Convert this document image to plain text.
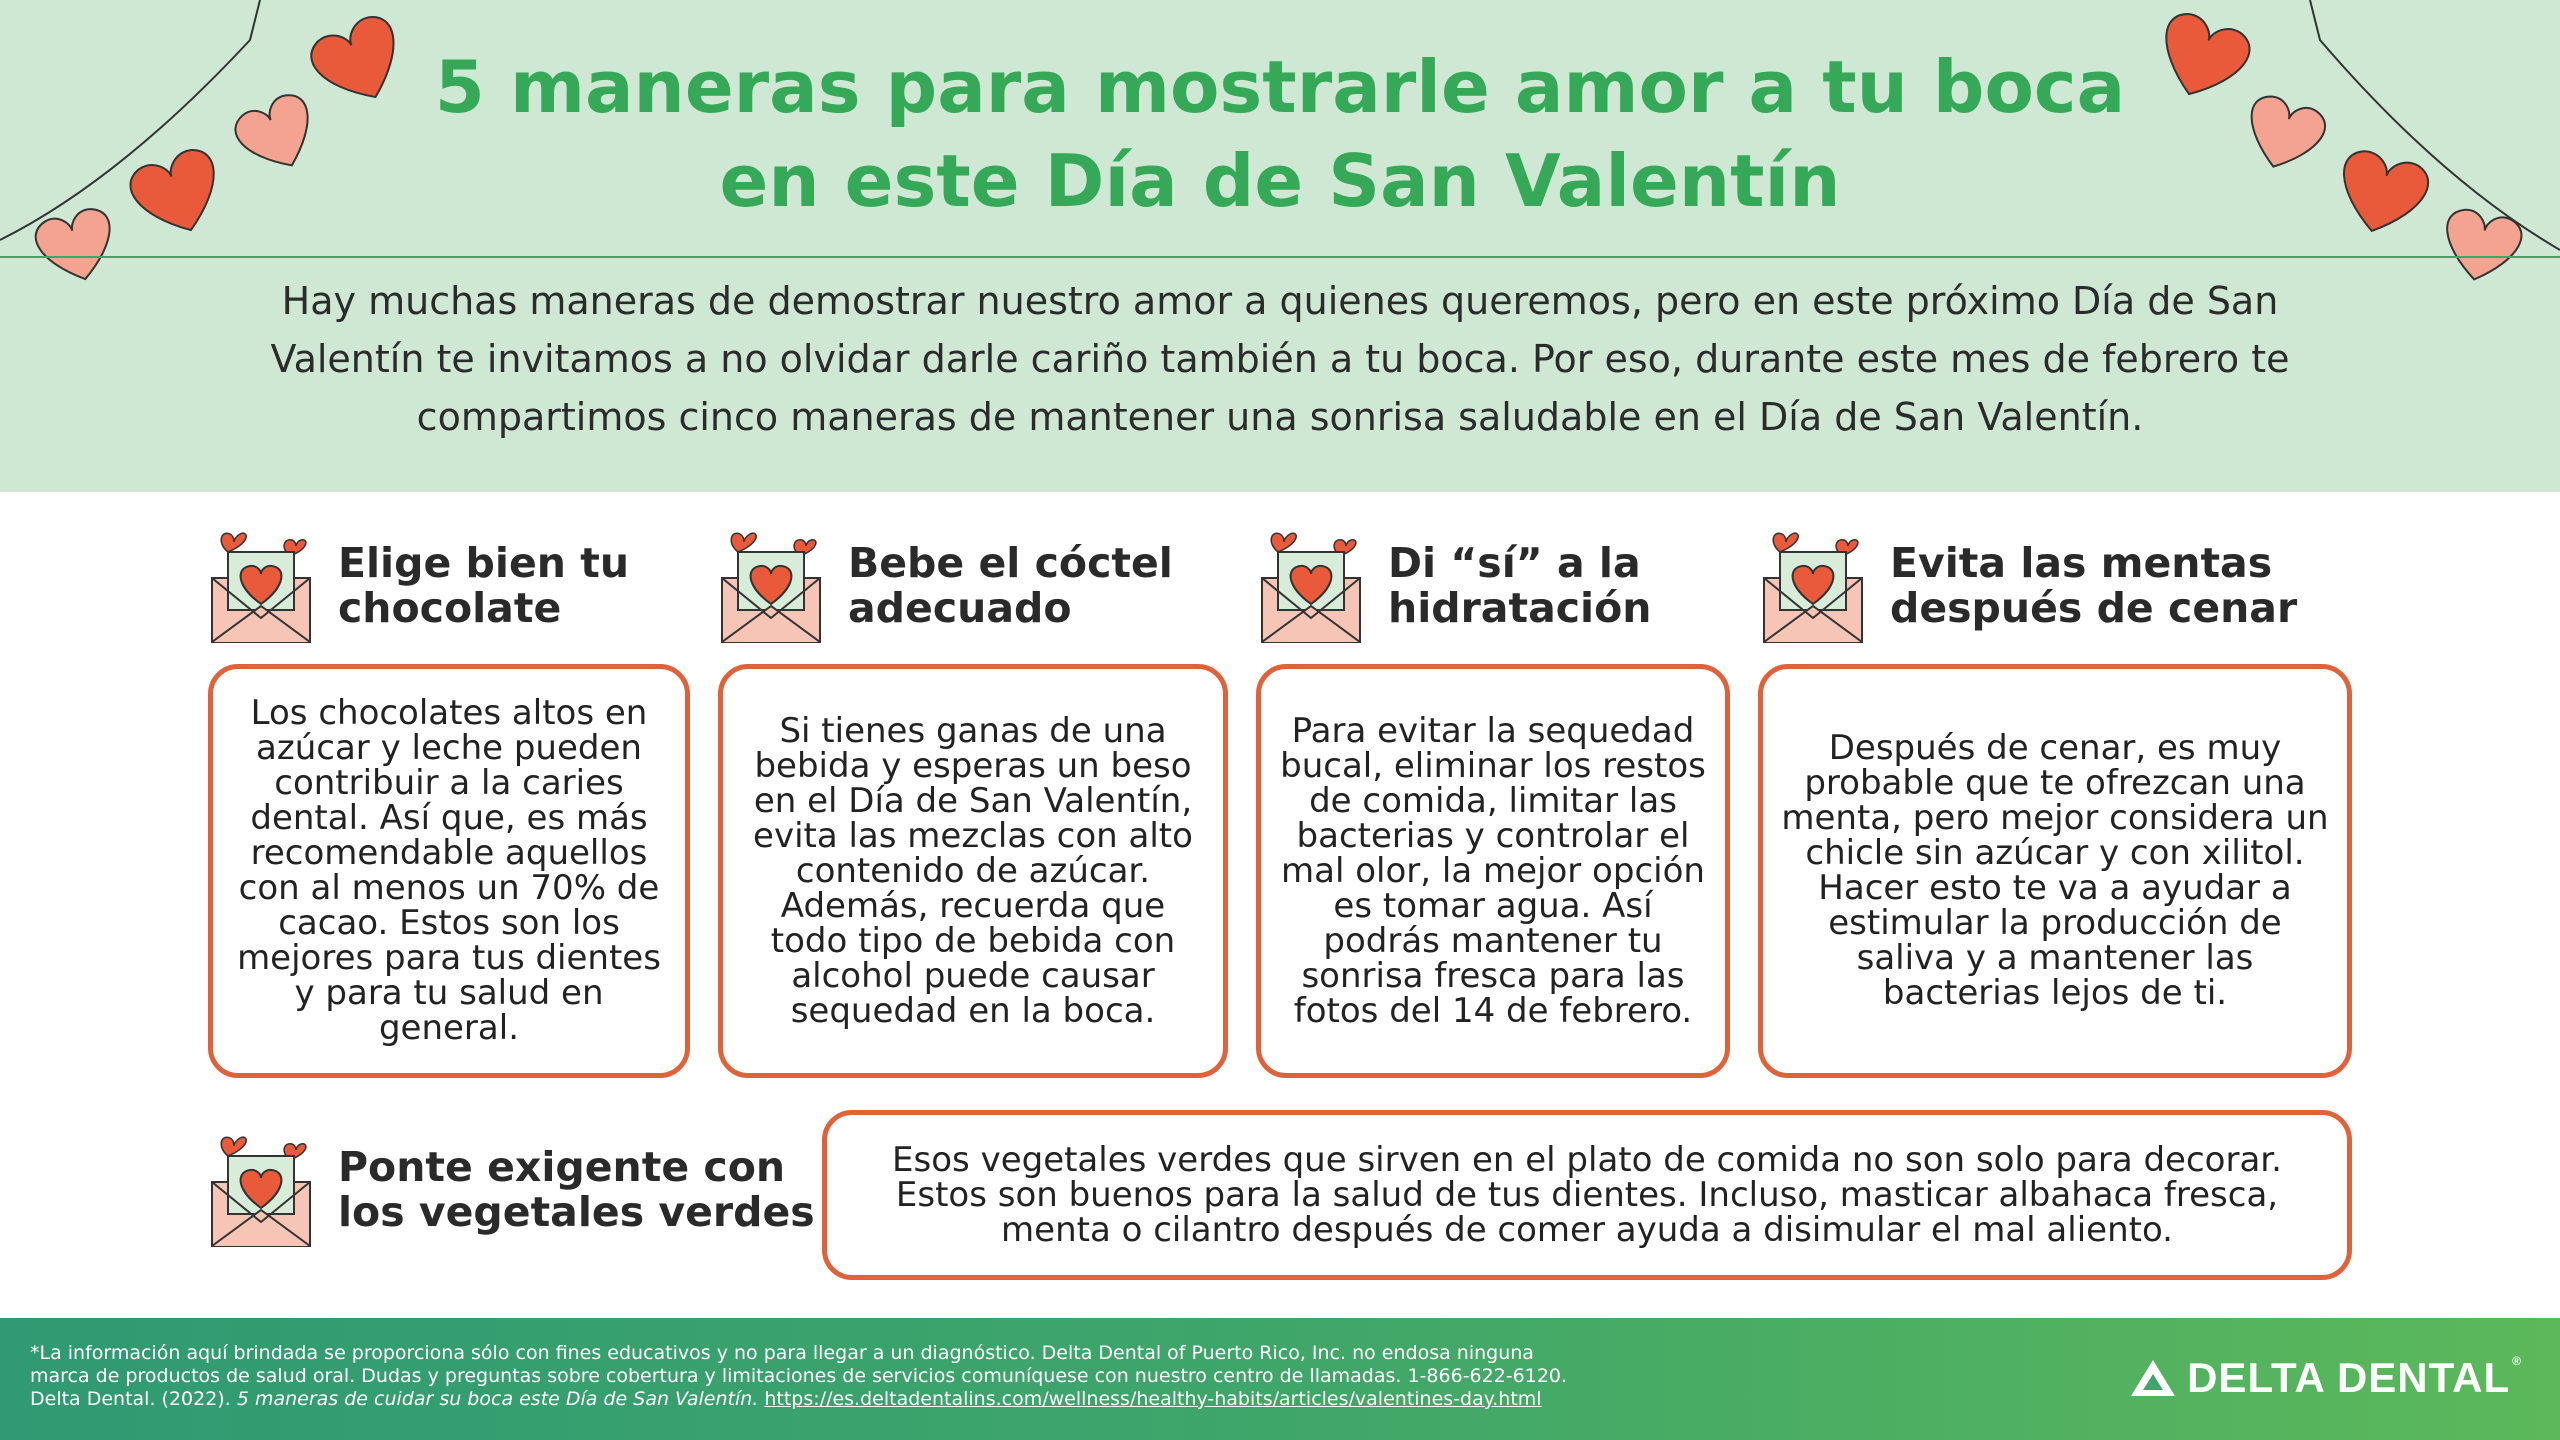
5 maneras para mostrarle amor a tu boca
en este Día de San Valentín
Hay muchas maneras de demostrar nuestro amor a quienes queremos, pero en este próximo Día de San Valentín te invitamos a no olvidar darle cariño también a tu boca. Por eso, durante este mes de febrero te compartimos cinco maneras de mantener una sonrisa saludable en el Día de San Valentín.
Elige bien tu
chocolate
Los chocolates altos en azúcar y leche pueden contribuir a la caries dental. Así que, es más recomendable aquellos con al menos un 70% de cacao. Estos son los mejores para tus dientes y para tu salud en general.
Bebe el cóctel
adecuado
Si tienes ganas de una bebida y esperas un beso en el Día de San Valentín, evita las mezclas con alto contenido de azúcar. Además, recuerda que todo tipo de bebida con alcohol puede causar sequedad en la boca.
Di “sí” a la
hidratación
Para evitar la sequedad bucal, eliminar los restos de comida, limitar las bacterias y controlar el mal olor, la mejor opción es tomar agua. Así podrás mantener tu sonrisa fresca para las fotos del 14 de febrero.
Evita las mentas
después de cenar
Después de cenar, es muy probable que te ofrezcan una menta, pero mejor considera un chicle sin azúcar y con xilitol. Hacer esto te va a ayudar a estimular la producción de saliva y a mantener las bacterias lejos de ti.
Ponte exigente con
los vegetales verdes
Esos vegetales verdes que sirven en el plato de comida no son solo para decorar. Estos son buenos para la salud de tus dientes. Incluso, masticar albahaca fresca, menta o cilantro después de comer ayuda a disimular el mal aliento.
*La información aquí brindada se proporciona sólo con fines educativos y no para llegar a un diagnóstico. Delta Dental of Puerto Rico, Inc. no endosa ninguna
marca de productos de salud oral. Dudas y preguntas sobre cobertura y limitaciones de servicios comuníquese con nuestro centro de llamadas. 1-866-622-6120.
Delta Dental. (2022). 5 maneras de cuidar su boca este Día de San Valentín. https://es.deltadentalins.com/wellness/healthy-habits/articles/valentines-day.html	DELTA DENTAL ®
